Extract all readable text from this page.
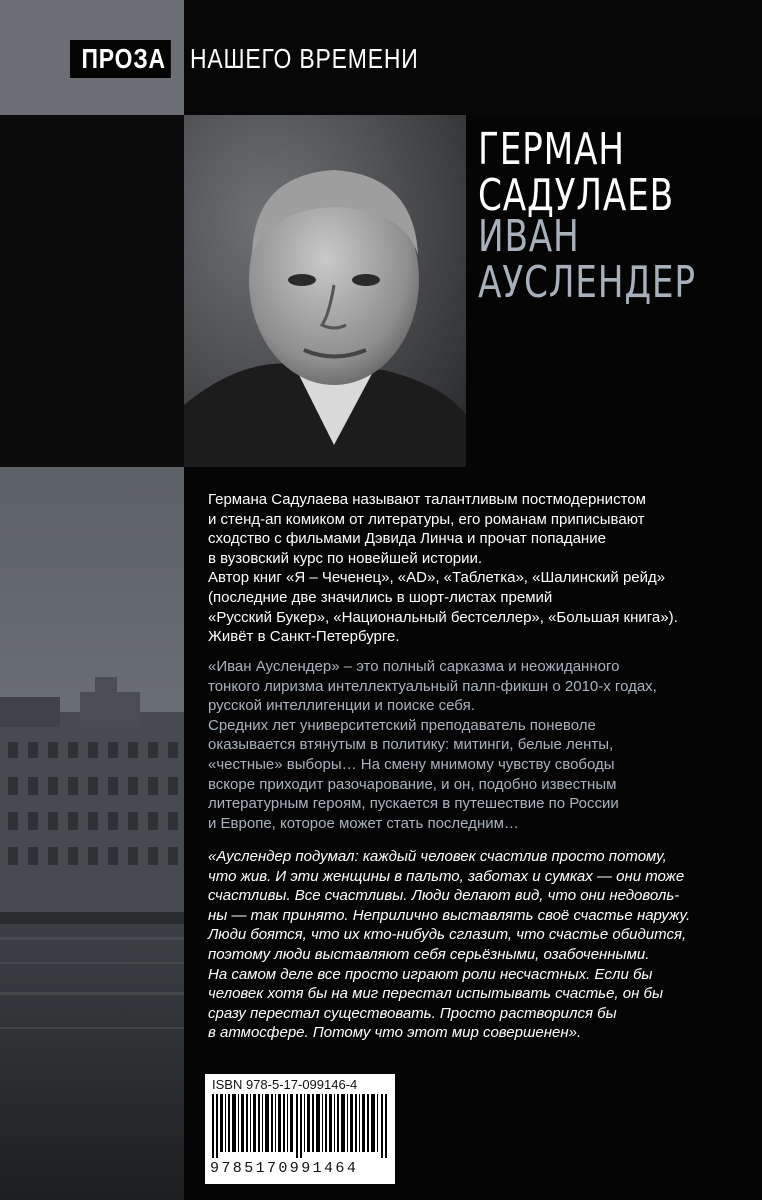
ПРОЗА НАШЕГО ВРЕМЕНИ
ГЕРМАН
САДУЛАЕВ
ИВАН
АУСЛЕНДЕР
Германа Садулаева называют талантливым постмодернистом
и стенд-ап комиком от литературы, его романам приписывают
сходство с фильмами Дэвида Линча и прочат попадание
в вузовский курс по новейшей истории.
Автор книг «Я – Чеченец», «AD», «Таблетка», «Шалинский рейд»
(последние две значились в шорт-листах премий
«Русский Букер», «Национальный бестселлер», «Большая книга»).
Живёт в Санкт-Петербурге.
«Иван Ауслендер» – это полный сарказма и неожиданного
тонкого лиризма интеллектуальный палп-фикшн о 2010-х годах,
русской интеллигенции и поиске себя.
Средних лет университетский преподаватель поневоле
оказывается втянутым в политику: митинги, белые ленты,
«честные» выборы… На смену мнимому чувству свободы
вскоре приходит разочарование, и он, подобно известным
литературным героям, пускается в путешествие по России
и Европе, которое может стать последним…
«Ауслендер подумал: каждый человек счастлив просто потому,
что жив. И эти женщины в пальто, заботах и сумках — они тоже
счастливы. Все счастливы. Люди делают вид, что они недоволь-
ны — так принято. Неприлично выставлять своё счастье наружу.
Люди боятся, что их кто-нибудь сглазит, что счастье обидится,
поэтому люди выставляют себя серьёзными, озабоченными.
На самом деле все просто играют роли несчастных. Если бы
человек хотя бы на миг перестал испытывать счастье, он бы
сразу перестал существовать. Просто растворился бы
в атмосфере. Потому что этот мир совершенен».
ISBN 978-5-17-099146-4
9785170991464
